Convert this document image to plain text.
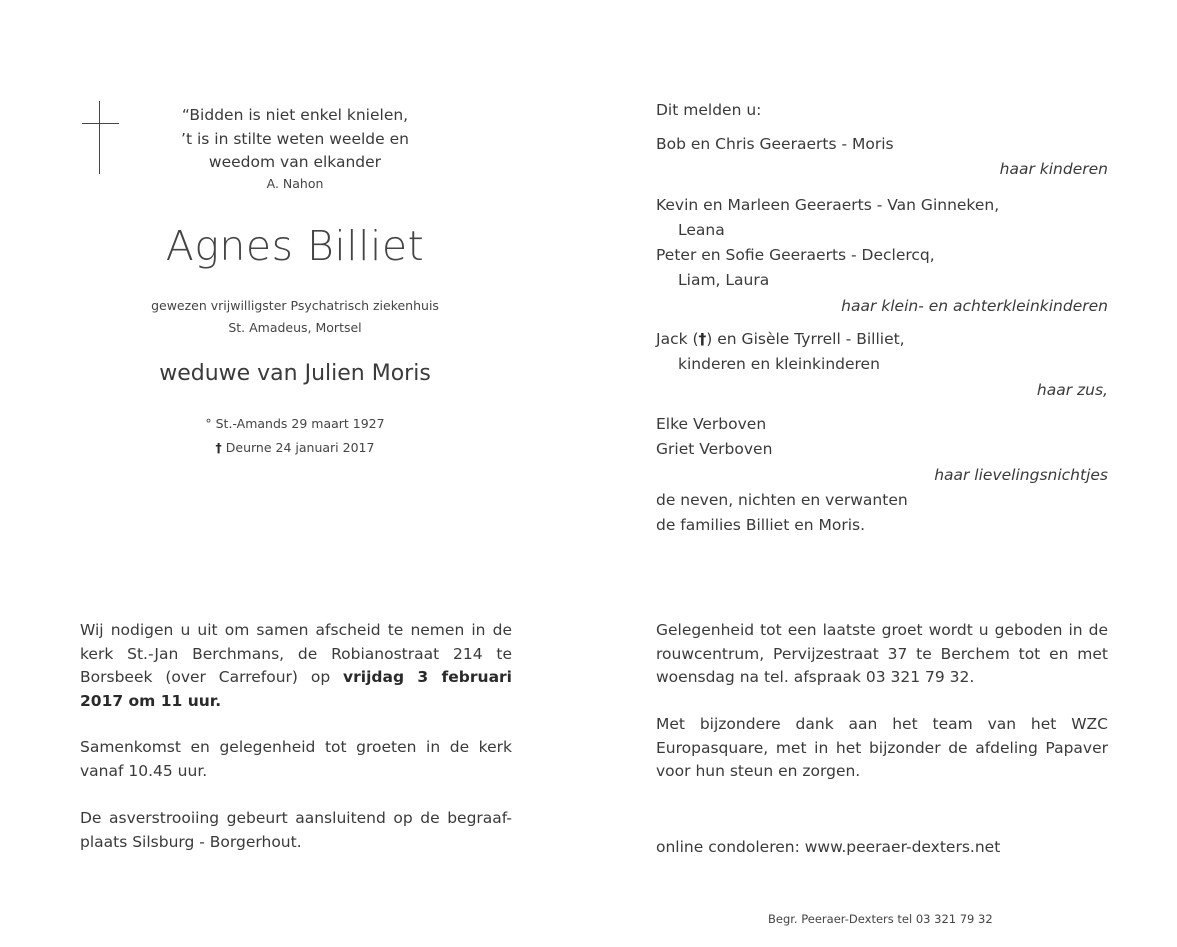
“Bidden is niet enkel knielen,
’t is in stilte weten weelde en
weedom van elkander
A. Nahon
Agnes Billiet
gewezen vrijwilligster Psychatrisch ziekenhuis
St. Amadeus, Mortsel
weduwe van Julien Moris
° St.-Amands 29 maart 1927
† Deurne 24 januari 2017
Dit melden u:
Bob en Chris Geeraerts - Moris
haar kinderen
Kevin en Marleen Geeraerts - Van Ginneken,
Leana
Peter en Sofie Geeraerts - Declercq,
Liam, Laura
haar klein- en achterkleinkinderen
Jack (†) en Gisèle Tyrrell - Billiet,
kinderen en kleinkinderen
haar zus,
Elke Verboven
Griet Verboven
haar lievelingsnichtjes
de neven, nichten en verwanten
de families Billiet en Moris.
Wij nodigen u uit om samen afscheid te nemen in de kerk St.-Jan Berchmans, de Robianostraat 214 te Borsbeek (over Carrefour) op vrijdag 3 februari 2017 om 11 uur.
Samenkomst en gelegenheid tot groeten in de kerk vanaf 10.45 uur.
De asverstrooiing gebeurt aansluitend op de begraaf-plaats Silsburg - Borgerhout.
Gelegenheid tot een laatste groet wordt u geboden in de rouwcentrum, Pervijzestraat 37 te Berchem tot en met woensdag na tel. afspraak 03 321 79 32.
Met bijzondere dank aan het team van het WZC Europasquare, met in het bijzonder de afdeling Papaver voor hun steun en zorgen.
online condoleren: www.peeraer-dexters.net
Begr. Peeraer-Dexters tel 03 321 79 32
